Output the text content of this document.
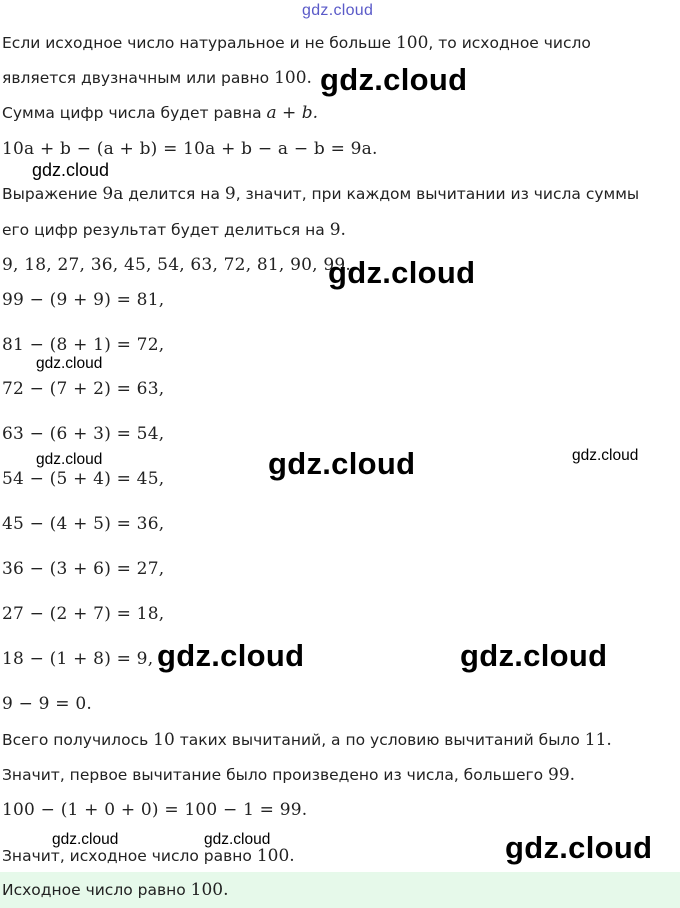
gdz.cloud
Если исходное число натуральное и не больше 100, то исходное число
является двузначным или равно 100.
Сумма цифр числа будет равна a + b.
10a + b − (a + b) = 10a + b − a − b = 9a.
Выражение 9a делится на 9, значит, при каждом вычитании из числа суммы
его цифр результат будет делиться на 9.
9, 18, 27, 36, 45, 54, 63, 72, 81, 90, 99.
99 − (9 + 9) = 81,
81 − (8 + 1) = 72,
72 − (7 + 2) = 63,
63 − (6 + 3) = 54,
54 − (5 + 4) = 45,
45 − (4 + 5) = 36,
36 − (3 + 6) = 27,
27 − (2 + 7) = 18,
18 − (1 + 8) = 9,
9 − 9 = 0.
Всего получилось 10 таких вычитаний, а по условию вычитаний было 11.
Значит, первое вычитание было произведено из числа, большего 99.
100 − (1 + 0 + 0) = 100 − 1 = 99.
Значит, исходное число равно 100.
Исходное число равно 100.
gdz.cloud
gdz.cloud
gdz.cloud
gdz.cloud
gdz.cloud	gdz.cloud	gdz.cloud
gdz.cloud	gdz.cloud
gdz.cloud	gdz.cloud	gdz.cloud
